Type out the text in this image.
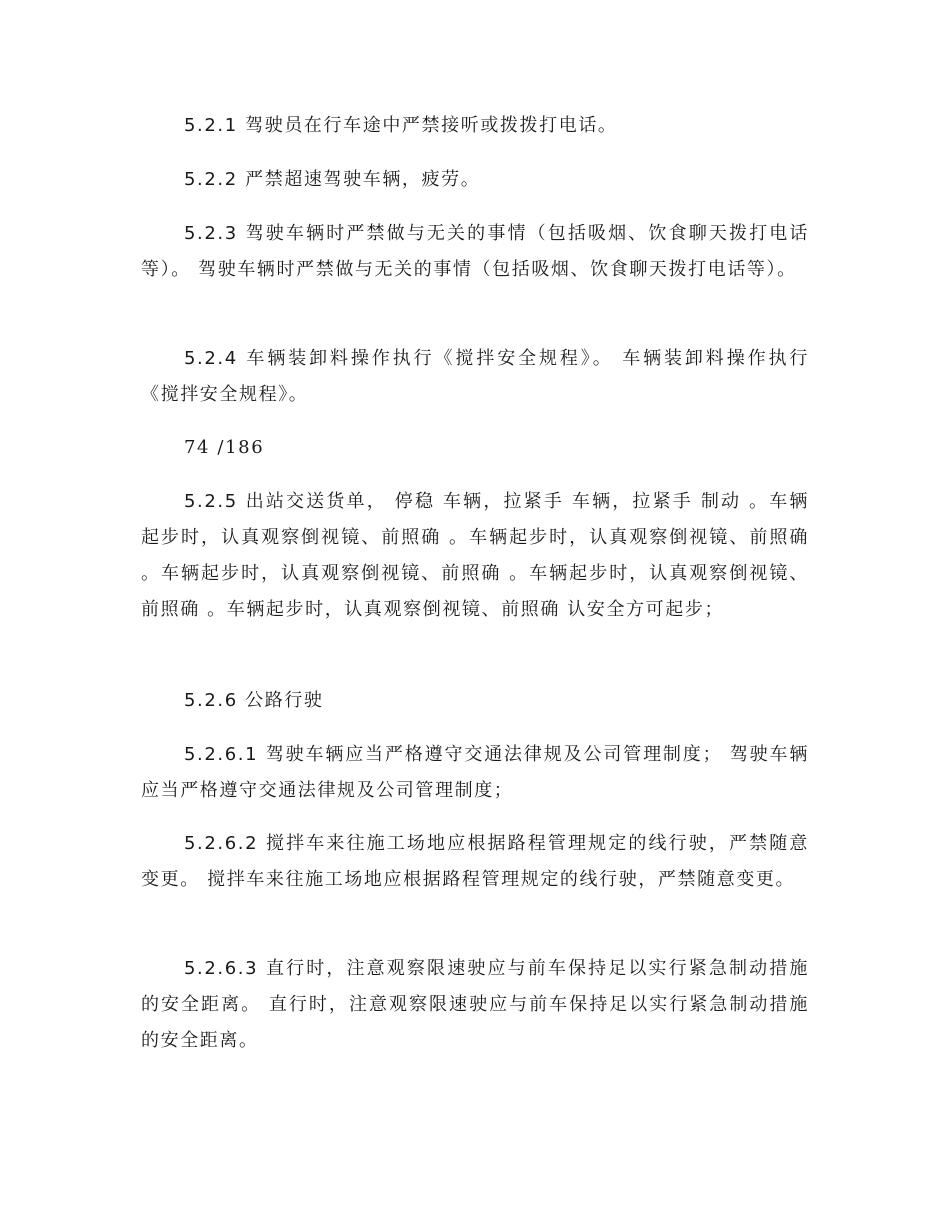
5.2.1 驾驶员在行车途中严禁接听或拨拨打电话。

5.2.2 严禁超速驾驶车辆，疲劳。

5.2.3 驾驶车辆时严禁做与无关的事情（包括吸烟、饮食聊天拨打电话等）。 驾驶车辆时严禁做与无关的事情（包括吸烟、饮食聊天拨打电话等）。

5.2.4 车辆装卸料操作执行《搅拌安全规程》。 车辆装卸料操作执行《搅拌安全规程》。

74 /186

5.2.5 出站交送货单， 停稳 车辆，拉紧手 车辆，拉紧手 制动 。车辆起步时，认真观察倒视镜、前照确 。车辆起步时，认真观察倒视镜、前照确 。车辆起步时，认真观察倒视镜、前照确 。车辆起步时，认真观察倒视镜、前照确 。车辆起步时，认真观察倒视镜、前照确 认安全方可起步；

5.2.6 公路行驶

5.2.6.1 驾驶车辆应当严格遵守交通法律规及公司管理制度； 驾驶车辆应当严格遵守交通法律规及公司管理制度；

5.2.6.2 搅拌车来往施工场地应根据路程管理规定的线行驶，严禁随意变更。 搅拌车来往施工场地应根据路程管理规定的线行驶，严禁随意变更。

5.2.6.3 直行时，注意观察限速驶应与前车保持足以实行紧急制动措施的安全距离。 直行时，注意观察限速驶应与前车保持足以实行紧急制动措施的安全距离。
